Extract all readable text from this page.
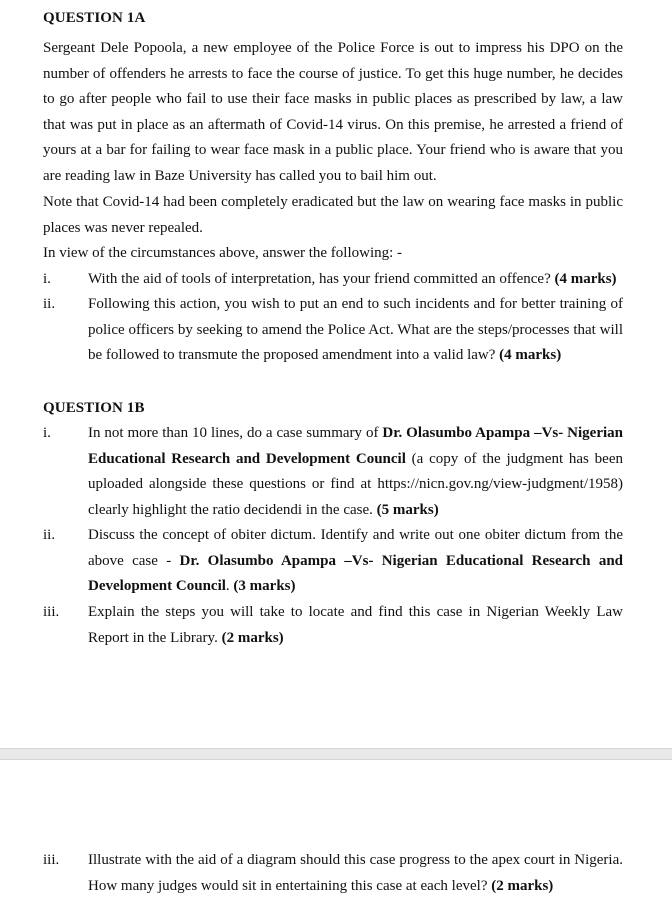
QUESTION 1A

Sergeant Dele Popoola, a new employee of the Police Force is out to impress his DPO on the number of offenders he arrests to face the course of justice. To get this huge number, he decides to go after people who fail to use their face masks in public places as prescribed by law, a law that was put in place as an aftermath of Covid-14 virus. On this premise, he arrested a friend of yours at a bar for failing to wear face mask in a public place. Your friend who is aware that you are reading law in Baze University has called you to bail him out.

Note that Covid-14 had been completely eradicated but the law on wearing face masks in public places was never repealed.

In view of the circumstances above, answer the following: -

i. With the aid of tools of interpretation, has your friend committed an offence? (4 marks)
ii. Following this action, you wish to put an end to such incidents and for better training of police officers by seeking to amend the Police Act. What are the steps/processes that will be followed to transmute the proposed amendment into a valid law? (4 marks)
QUESTION 1B
i. In not more than 10 lines, do a case summary of Dr. Olasumbo Apampa –Vs- Nigerian Educational Research and Development Council (a copy of the judgment has been uploaded alongside these questions or find at https://nicn.gov.ng/view-judgment/1958) clearly highlight the ratio decidendi in the case. (5 marks)
ii. Discuss the concept of obiter dictum. Identify and write out one obiter dictum from the above case - Dr. Olasumbo Apampa –Vs- Nigerian Educational Research and Development Council. (3 marks)
iii. Explain the steps you will take to locate and find this case in Nigerian Weekly Law Report in the Library. (2 marks)
iii. Illustrate with the aid of a diagram should this case progress to the apex court in Nigeria. How many judges would sit in entertaining this case at each level? (2 marks)
